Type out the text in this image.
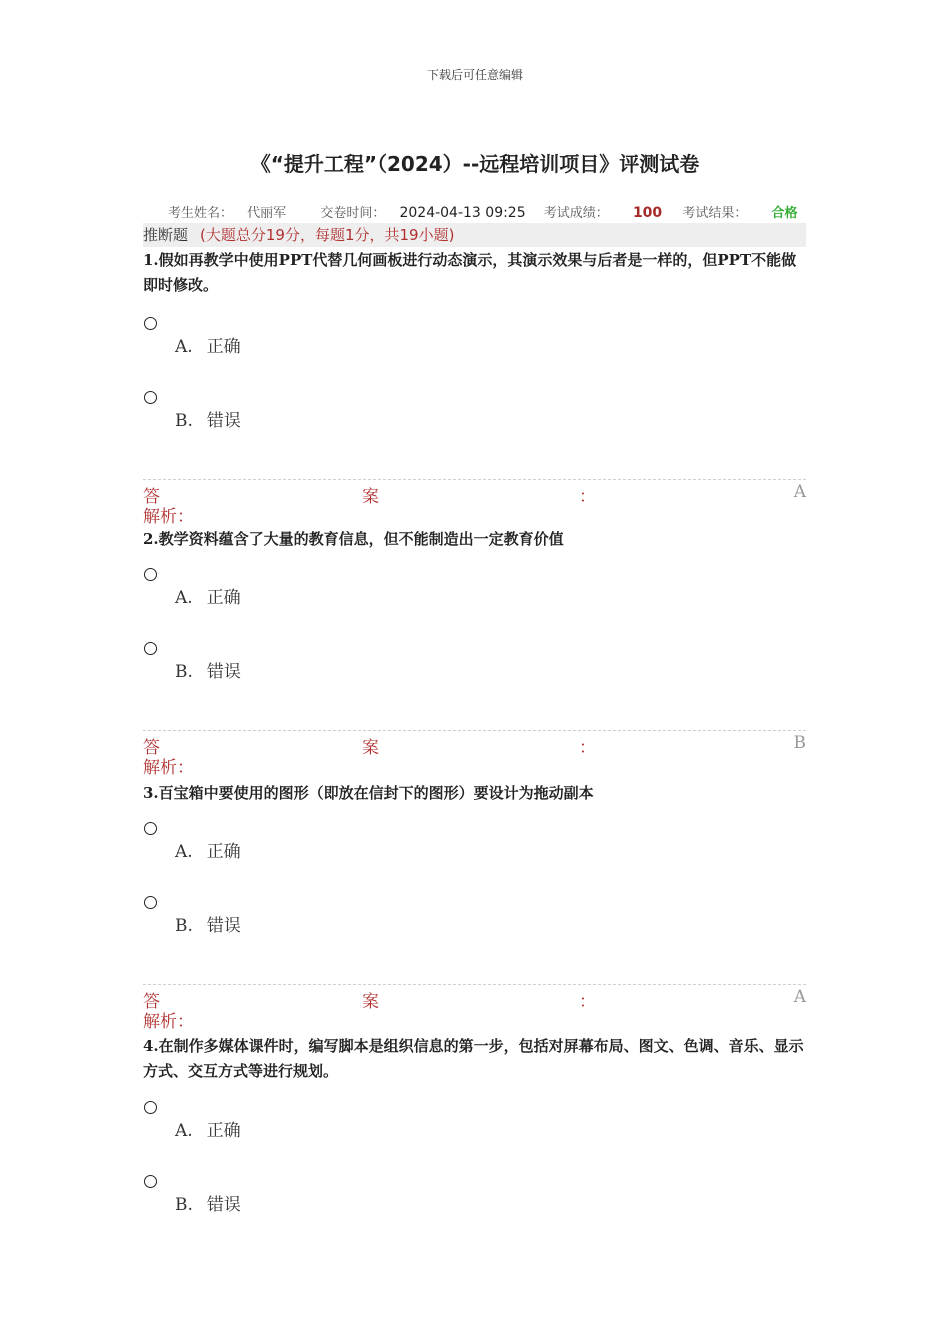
下载后可任意编辑
《“提升工程”（2024）--远程培训项目》评测试卷
考生姓名： 代丽军	交卷时间： 2024-04-13 09:25 考试成绩： 100 考试结果： 合格
推断题 (大题总分19分，每题1分，共19小题)
1.假如再教学中使用PPT代替几何画板进行动态演示，其演示效果与后者是一样的，但PPT不能做即时修改。
A. 正确
B. 错误
答	案	：	A
解析：
2.教学资料蕴含了大量的教育信息，但不能制造出一定教育价值
A. 正确
B. 错误
答	案	：	B
解析：
3.百宝箱中要使用的图形（即放在信封下的图形）要设计为拖动副本
A. 正确
B. 错误
答	案	：	A
解析：
4.在制作多媒体课件时，编写脚本是组织信息的第一步，包括对屏幕布局、图文、色调、音乐、显示方式、交互方式等进行规划。
A. 正确
B. 错误
